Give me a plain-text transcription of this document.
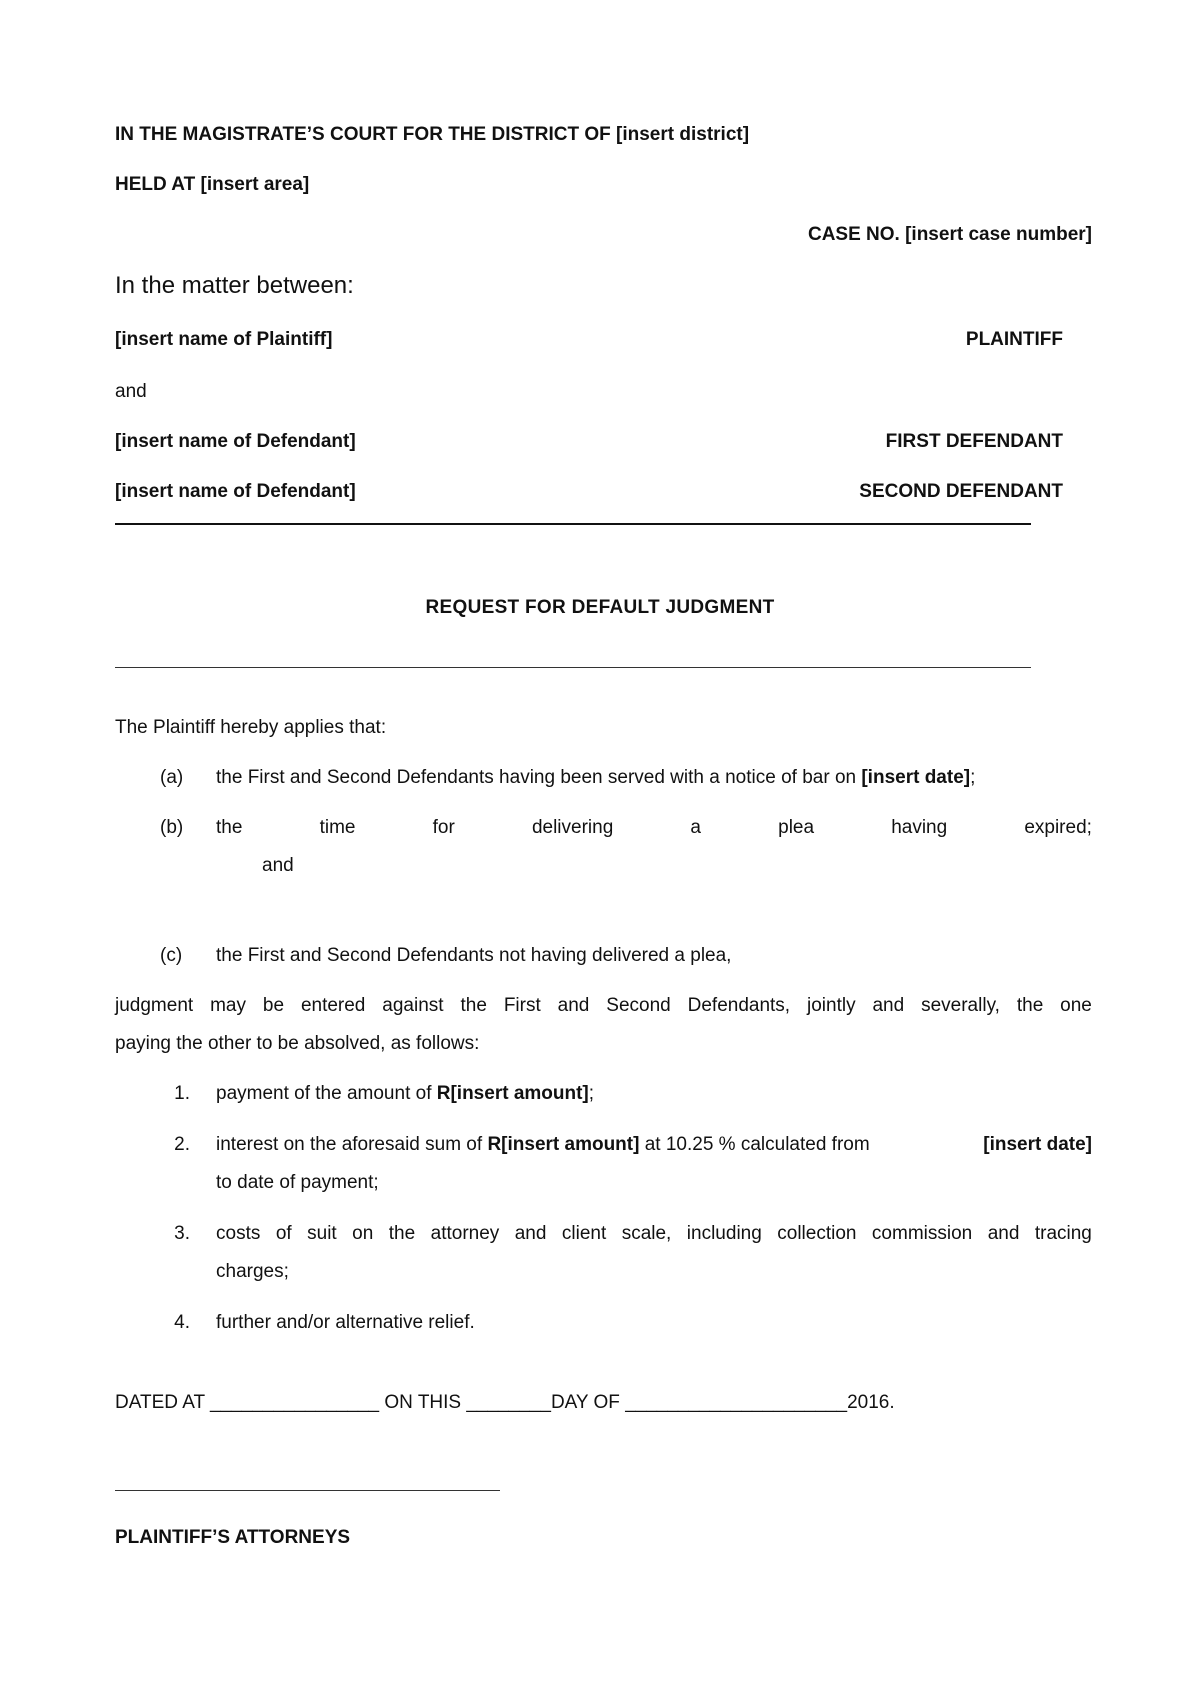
IN THE MAGISTRATE’S COURT FOR THE DISTRICT OF [insert district]
HELD AT [insert area]
CASE NO. [insert case number]
In the matter between:
[insert name of Plaintiff]	PLAINTIFF
and
[insert name of Defendant]	FIRST DEFENDANT
[insert name of Defendant]	SECOND DEFENDANT
REQUEST FOR DEFAULT JUDGMENT
The Plaintiff hereby applies that:
(a) the First and Second Defendants having been served with a notice of bar on [insert date];
(b) the	time	for	delivering	a	plea	having	expired;
and
(c) the First and Second Defendants not having delivered a plea,
judgment may be entered against the First and Second Defendants, jointly and severally, the one
paying the other to be absolved, as follows:
1. payment of the amount of R[insert amount];
2. interest on the aforesaid sum of R[insert amount] at 10.25 % calculated from	[insert date]
to date of payment;
3. costs of suit on the attorney and client scale, including collection commission and tracing
charges;
4. further and/or alternative relief.
DATED AT ________________ ON THIS ________DAY OF _____________________2016.
PLAINTIFF’S ATTORNEYS
